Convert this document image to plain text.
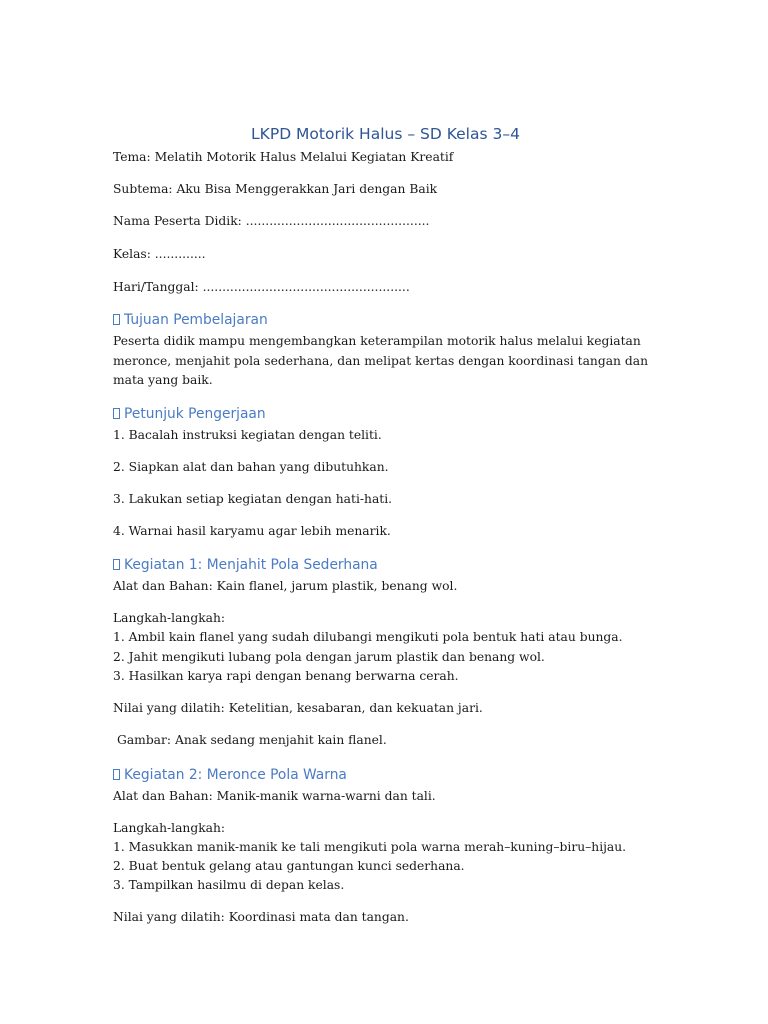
LKPD Motorik Halus – SD Kelas 3–4
Tema: Melatih Motorik Halus Melalui Kegiatan Kreatif
Subtema: Aku Bisa Menggerakkan Jari dengan Baik
Nama Peserta Didik: ...............................................
Kelas: .............
Hari/Tanggal: .....................................................
Tujuan Pembelajaran
Peserta didik mampu mengembangkan keterampilan motorik halus melalui kegiatan meronce, menjahit pola sederhana, dan melipat kertas dengan koordinasi tangan dan mata yang baik.
Petunjuk Pengerjaan
1. Bacalah instruksi kegiatan dengan teliti.
2. Siapkan alat dan bahan yang dibutuhkan.
3. Lakukan setiap kegiatan dengan hati-hati.
4. Warnai hasil karyamu agar lebih menarik.
Kegiatan 1: Menjahit Pola Sederhana
Alat dan Bahan: Kain flanel, jarum plastik, benang wol.
Langkah-langkah:
1. Ambil kain flanel yang sudah dilubangi mengikuti pola bentuk hati atau bunga.
2. Jahit mengikuti lubang pola dengan jarum plastik dan benang wol.
3. Hasilkan karya rapi dengan benang berwarna cerah.
Nilai yang dilatih: Ketelitian, kesabaran, dan kekuatan jari.
Gambar: Anak sedang menjahit kain flanel.
Kegiatan 2: Meronce Pola Warna
Alat dan Bahan: Manik-manik warna-warni dan tali.
Langkah-langkah:
1. Masukkan manik-manik ke tali mengikuti pola warna merah–kuning–biru–hijau.
2. Buat bentuk gelang atau gantungan kunci sederhana.
3. Tampilkan hasilmu di depan kelas.
Nilai yang dilatih: Koordinasi mata dan tangan.
